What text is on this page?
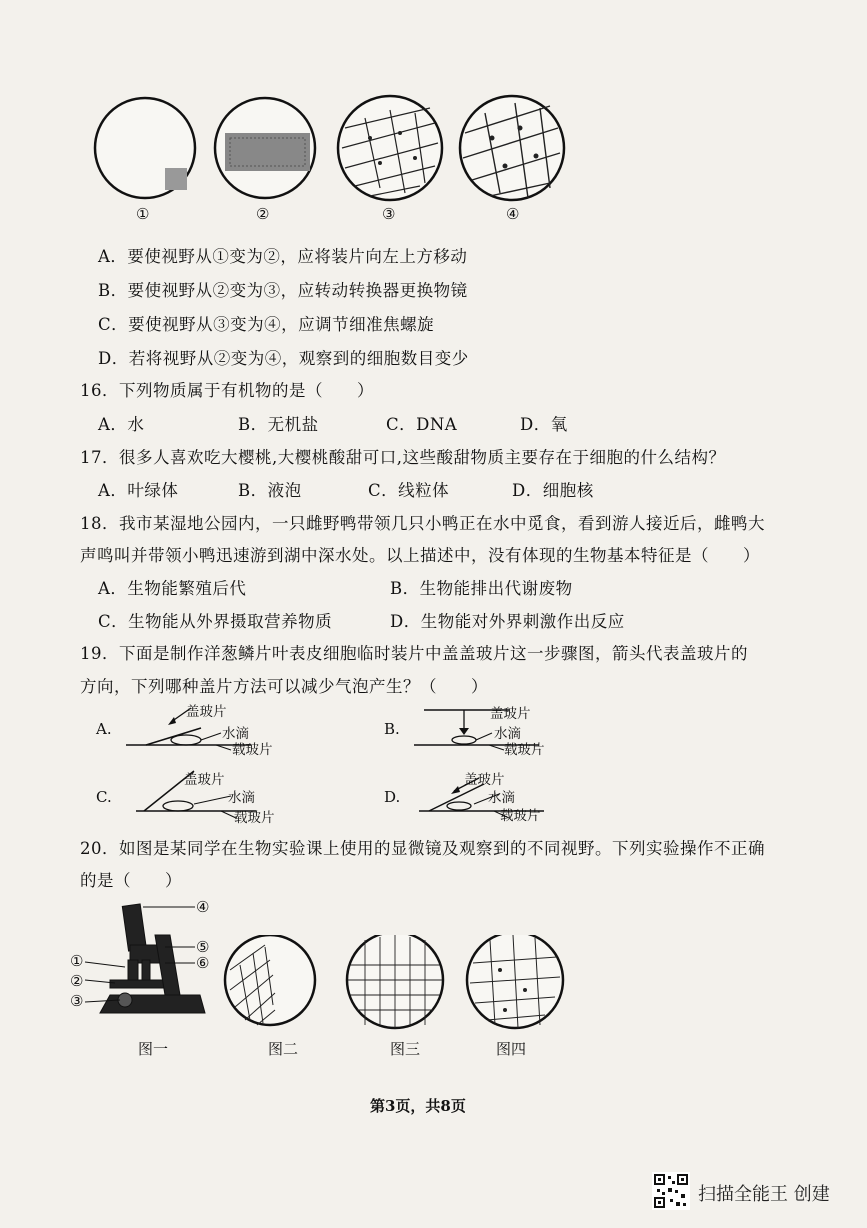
①	②	③	④
A．要使视野从①变为②，应将装片向左上方移动
B．要使视野从②变为③，应转动转换器更换物镜
C．要使视野从③变为④，应调节细准焦螺旋
D．若将视野从②变为④，观察到的细胞数目变少
16．下列物质属于有机物的是（　　）
A．水	B．无机盐	C．DNA	D．氧
17．很多人喜欢吃大樱桃,大樱桃酸甜可口,这些酸甜物质主要存在于细胞的什么结构？
A．叶绿体	B．液泡	C．线粒体	D．细胞核
18．我市某湿地公园内，一只雌野鸭带领几只小鸭正在水中觅食，看到游人接近后，雌鸭大
声鸣叫并带领小鸭迅速游到湖中深水处。以上描述中，没有体现的生物基本特征是（　　）
A．生物能繁殖后代	B．生物能排出代谢废物
C．生物能从外界摄取营养物质	D．生物能对外界刺激作出反应
19．下面是制作洋葱鳞片叶表皮细胞临时装片中盖盖玻片这一步骤图，箭头代表盖玻片的
方向，下列哪种盖片方法可以减少气泡产生？（　　）
A.
盖玻片
水滴
载玻片
B.
盖玻片
水滴
载玻片
C.
盖玻片
水滴
载玻片
D.
盖玻片
水滴
载玻片
20．如图是某同学在生物实验课上使用的显微镜及观察到的不同视野。下列实验操作不正确
的是（　　）
④
⑤
⑥
①
②
③
图一	图二	图三	图四
第3页，共8页
扫描全能王 创建
